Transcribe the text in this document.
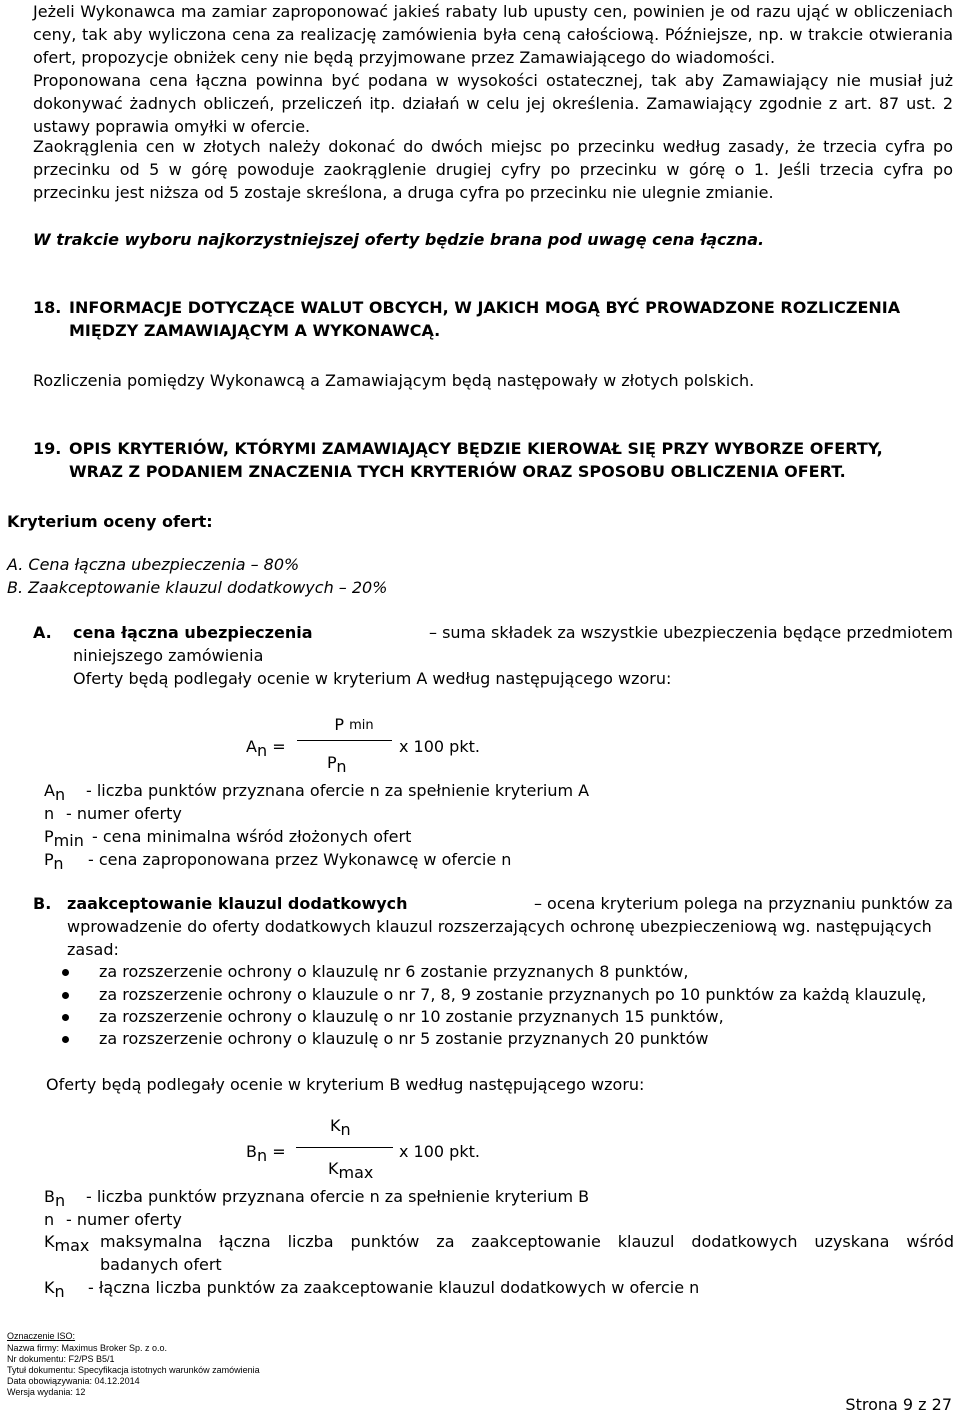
Jeżeli Wykonawca ma zamiar zaproponować jakieś rabaty lub upusty cen, powinien je od razu ująć w obliczeniach ceny, tak aby wyliczona cena za realizację zamówienia była ceną całościową. Późniejsze, np. w trakcie otwierania ofert, propozycje obniżek ceny nie będą przyjmowane przez Zamawiającego do wiadomości.
Proponowana cena łączna powinna być podana w wysokości ostatecznej, tak aby Zamawiający nie musiał już dokonywać żadnych obliczeń, przeliczeń itp. działań w celu jej określenia. Zamawiający zgodnie z art. 87 ust. 2 ustawy poprawia omyłki w ofercie.
Zaokrąglenia cen w złotych należy dokonać do dwóch miejsc po przecinku według zasady, że trzecia cyfra po przecinku od 5 w górę powoduje zaokrąglenie drugiej cyfry po przecinku w górę o 1. Jeśli trzecia cyfra po przecinku jest niższa od 5 zostaje skreślona, a druga cyfra po przecinku nie ulegnie zmianie.
W trakcie wyboru najkorzystniejszej oferty będzie brana pod uwagę cena łączna.
18. INFORMACJE DOTYCZĄCE WALUT OBCYCH, W JAKICH MOGĄ BYĆ PROWADZONE ROZLICZENIA
MIĘDZY ZAMAWIAJĄCYM A WYKONAWCĄ.
Rozliczenia pomiędzy Wykonawcą a Zamawiającym będą następowały w złotych polskich.
19. OPIS KRYTERIÓW, KTÓRYMI ZAMAWIAJĄCY BĘDZIE KIEROWAŁ SIĘ PRZY WYBORZE OFERTY,
WRAZ Z PODANIEM ZNACZENIA TYCH KRYTERIÓW ORAZ SPOSOBU OBLICZENIA OFERT.
Kryterium oceny ofert:
A. Cena łączna ubezpieczenia – 80%
B. Zaakceptowanie klauzul dodatkowych – 20%
A. cena łączna ubezpieczenia	– suma składek za wszystkie ubezpieczenia będące przedmiotem
niniejszego zamówienia
Oferty będą podlegały ocenie w kryterium A według następującego wzoru:
P min
An =	x 100 pkt.
Pn
An - liczba punktów przyznana ofercie n za spełnienie kryterium A
n - numer oferty
Pmin - cena minimalna wśród złożonych ofert
Pn - cena zaproponowana przez Wykonawcę w ofercie n
B. zaakceptowanie klauzul dodatkowych	– ocena kryterium polega na przyznaniu punktów za
wprowadzenie do oferty dodatkowych klauzul rozszerzających ochronę ubezpieczeniową wg. następujących
zasad:
za rozszerzenie ochrony o klauzulę nr 6 zostanie przyznanych 8 punktów,
za rozszerzenie ochrony o klauzule o nr 7, 8, 9 zostanie przyznanych po 10 punktów za każdą klauzulę,
za rozszerzenie ochrony o klauzulę o nr 10 zostanie przyznanych 15 punktów,
za rozszerzenie ochrony o klauzulę o nr 5 zostanie przyznanych 20 punktów
Oferty będą podlegały ocenie w kryterium B według następującego wzoru:
Kn
Bn =	x 100 pkt.
Kmax
Bn - liczba punktów przyznana ofercie n za spełnienie kryterium B
n - numer oferty
Kmax maksymalna łączna liczba punktów za zaakceptowanie klauzul dodatkowych uzyskana wśród
badanych ofert
Kn - łączna liczba punktów za zaakceptowanie klauzul dodatkowych w ofercie n
Oznaczenie ISO:
Nazwa firmy: Maximus Broker Sp. z o.o.
Nr dokumentu: F2/PS B5/1
Tytuł dokumentu: Specyfikacja istotnych warunków zamówienia
Data obowiązywania: 04.12.2014
Wersja wydania: 12
Strona 9 z 27
